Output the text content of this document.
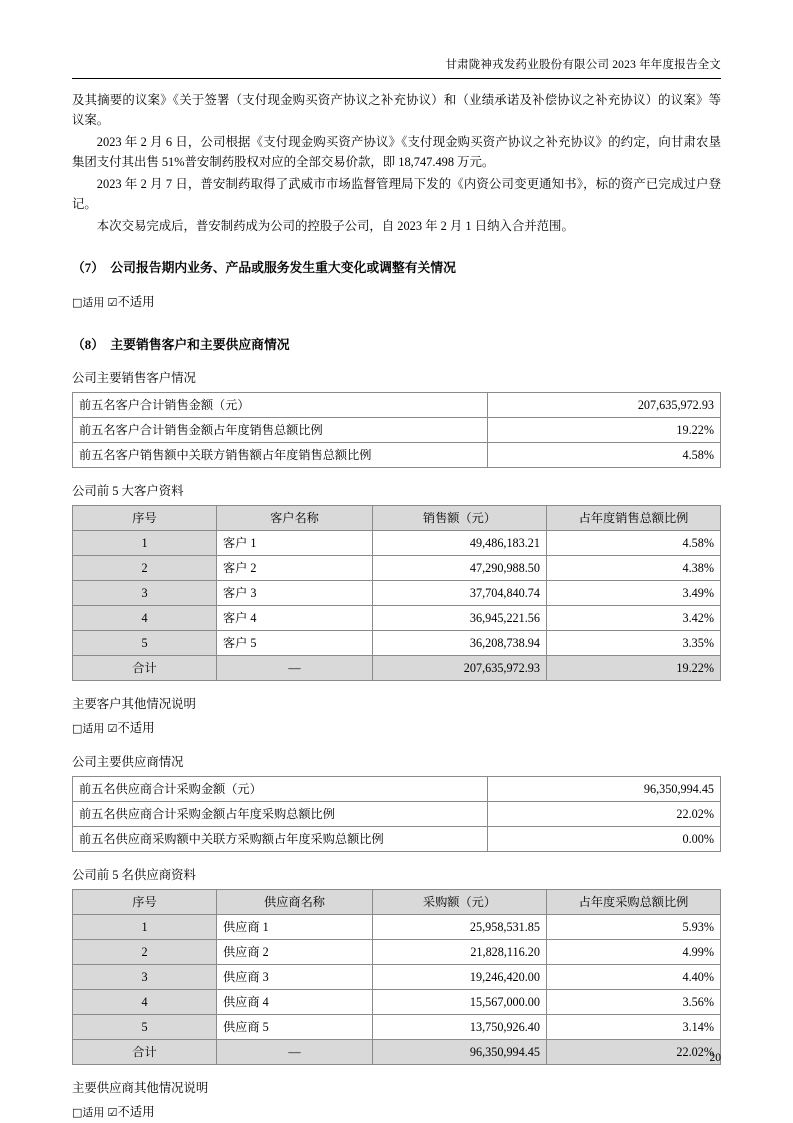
甘肃陇神戎发药业股份有限公司 2023 年年度报告全文

及其摘要的议案》《关于签署（支付现金购买资产协议之补充协议）和（业绩承诺及补偿协议之补充协议）的议案》等议案。

2023 年 2 月 6 日，公司根据《支付现金购买资产协议》《支付现金购买资产协议之补充协议》的约定，向甘肃农垦集团支付其出售 51%普安制药股权对应的全部交易价款，即 18,747.498 万元。

2023 年 2 月 7 日，普安制药取得了武威市市场监督管理局下发的《内资公司变更通知书》，标的资产已完成过户登记。

本次交易完成后，普安制药成为公司的控股子公司，自 2023 年 2 月 1 日纳入合并范围。

（7）　公司报告期内业务、产品或服务发生重大变化或调整有关情况
□适用 ☑不适用
（8）　主要销售客户和主要供应商情况
公司主要销售客户情况
前五名客户合计销售金额（元）	207,635,972.93
前五名客户合计销售金额占年度销售总额比例	19.22%
前五名客户销售额中关联方销售额占年度销售总额比例	4.58%
公司前 5 大客户资料
序号	客户名称	销售额（元）	占年度销售总额比例
1	客户 1	49,486,183.21	4.58%
2	客户 2	47,290,988.50	4.38%
3	客户 3	37,704,840.74	3.49%
4	客户 4	36,945,221.56	3.42%
5	客户 5	36,208,738.94	3.35%
合计	—	207,635,972.93	19.22%
主要客户其他情况说明
□适用 ☑不适用
公司主要供应商情况
前五名供应商合计采购金额（元）	96,350,994.45
前五名供应商合计采购金额占年度采购总额比例	22.02%
前五名供应商采购额中关联方采购额占年度采购总额比例	0.00%
公司前 5 名供应商资料
序号	供应商名称	采购额（元）	占年度采购总额比例
1	供应商 1	25,958,531.85	5.93%
2	供应商 2	21,828,116.20	4.99%
3	供应商 3	19,246,420.00	4.40%
4	供应商 4	15,567,000.00	3.56%
5	供应商 5	13,750,926.40	3.14%
合计	—	96,350,994.45	22.02%
主要供应商其他情况说明
□适用 ☑不适用
20
